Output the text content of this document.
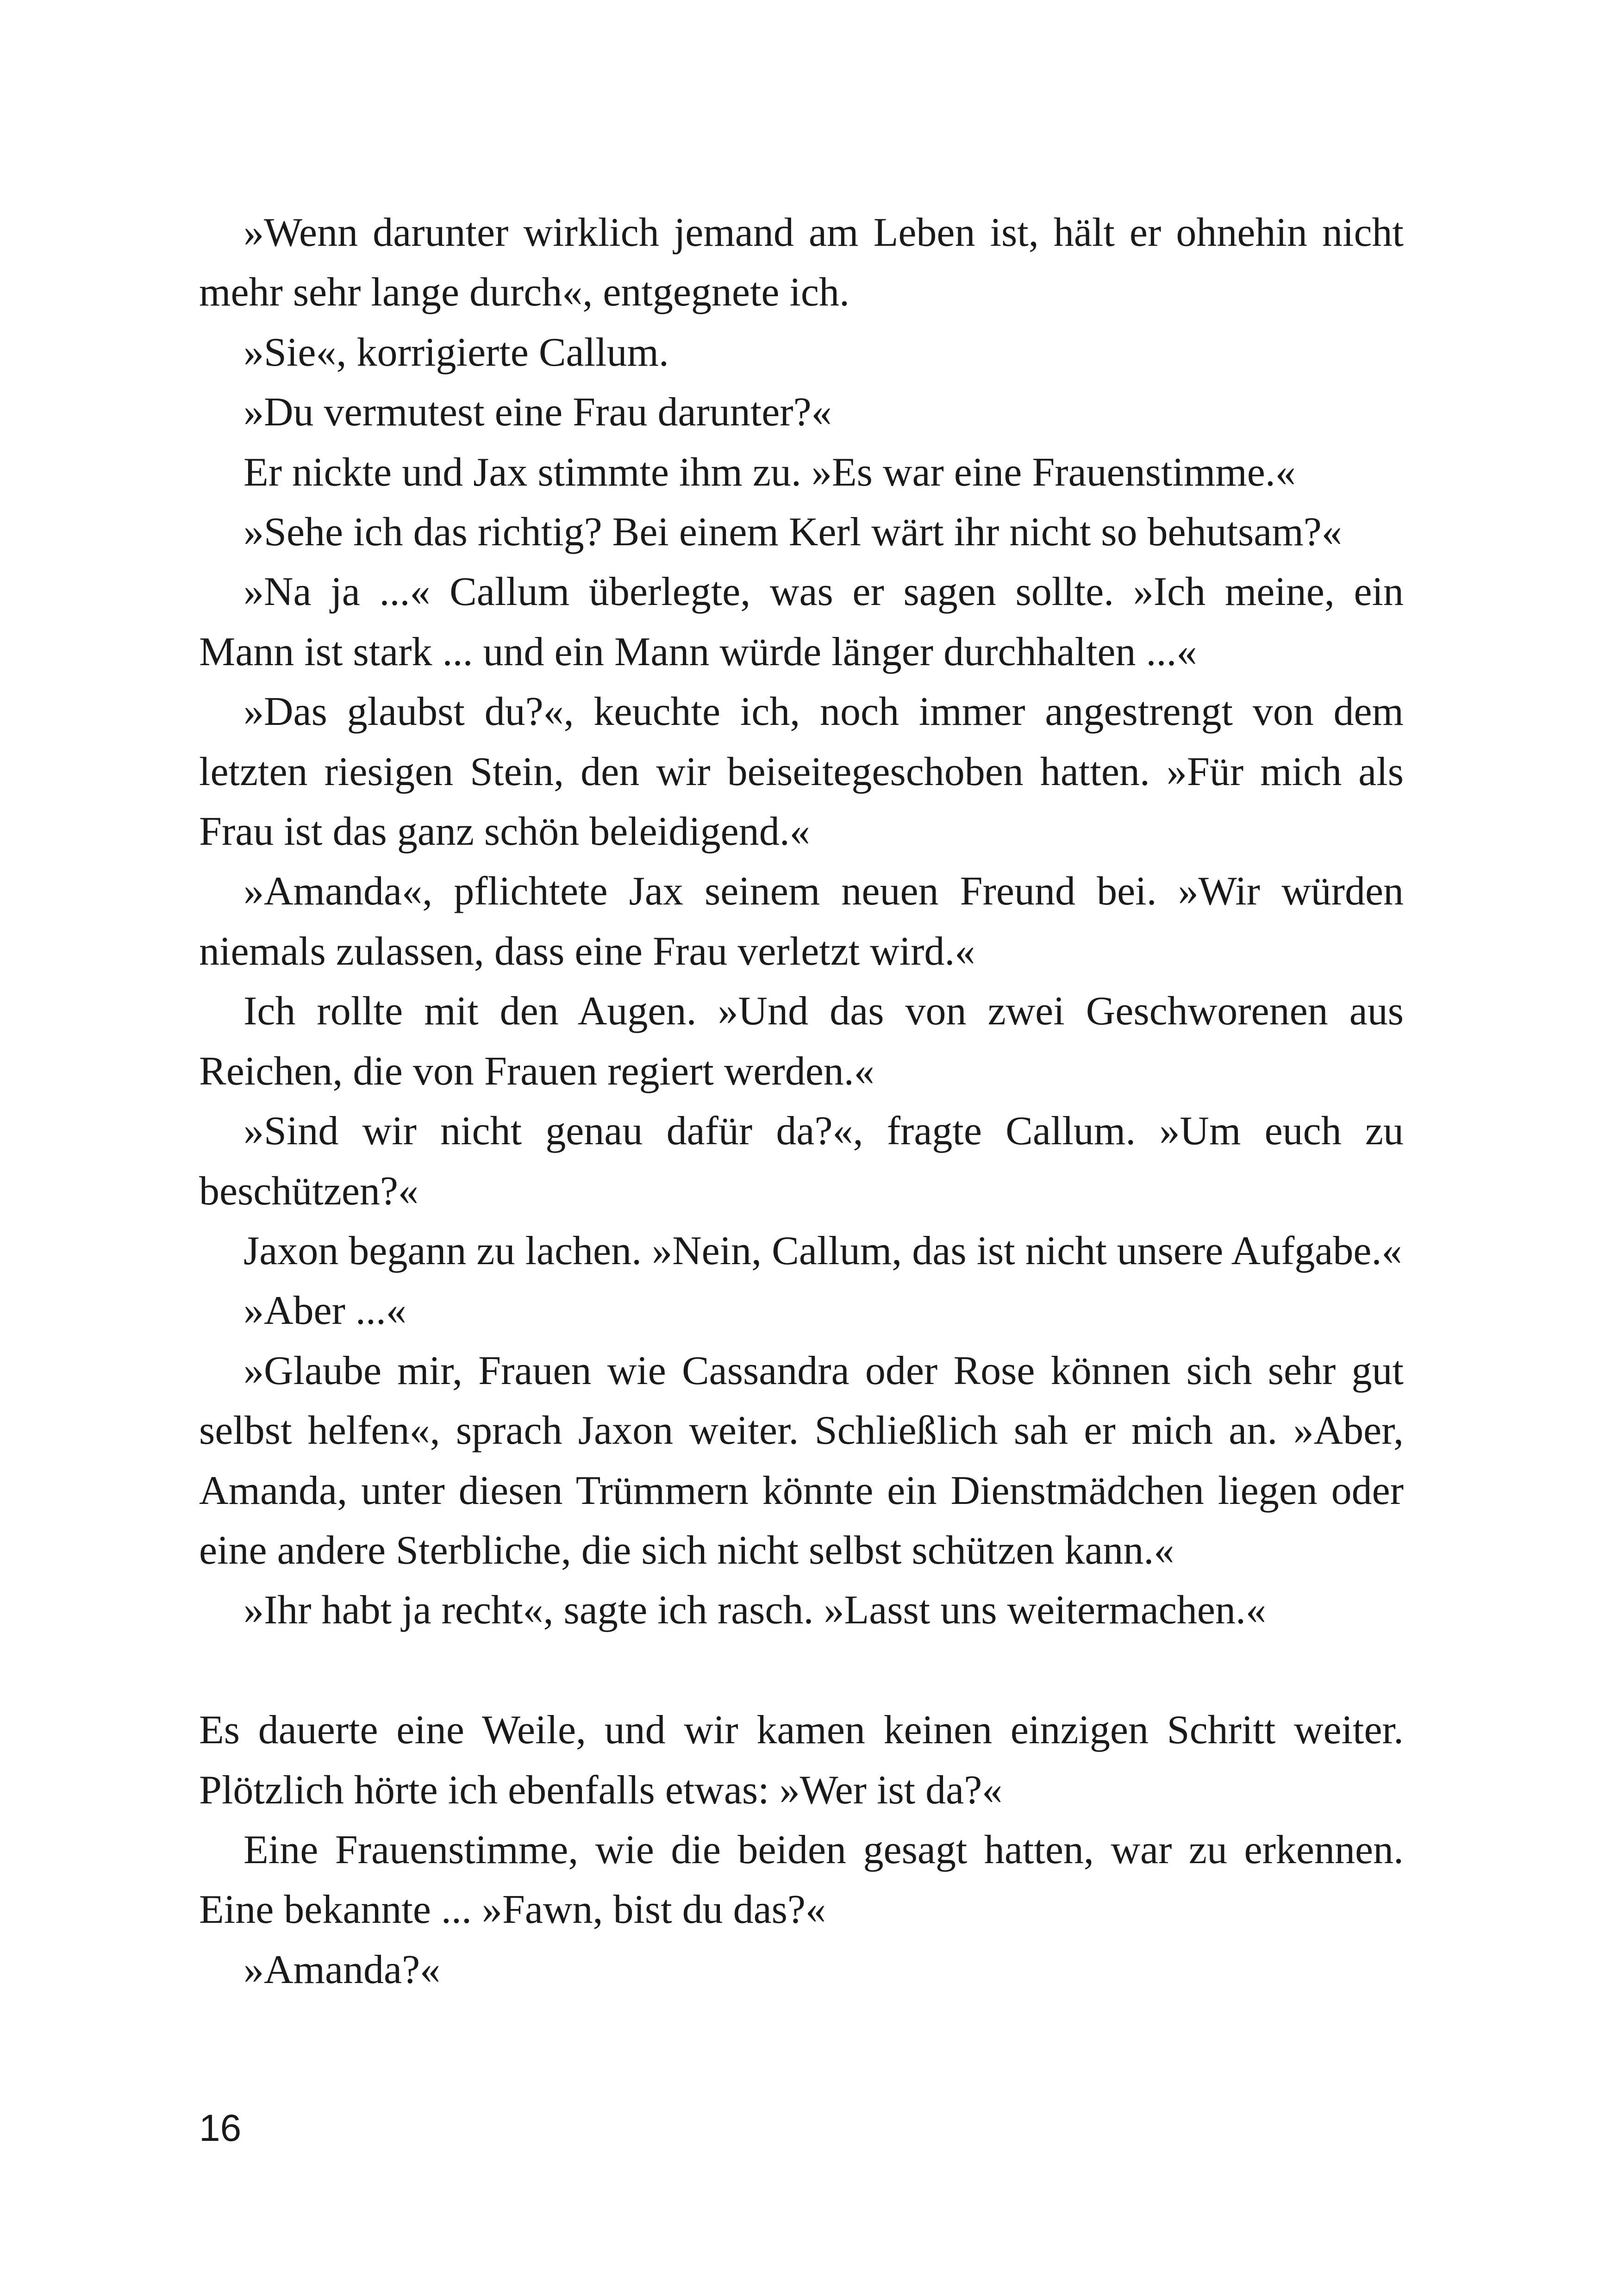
»Wenn darunter wirklich jemand am Leben ist, hält er ohnehin nicht mehr sehr lange durch«, entgegnete ich.

»Sie«, korrigierte Callum.

»Du vermutest eine Frau darunter?«

Er nickte und Jax stimmte ihm zu. »Es war eine Frauenstimme.«

»Sehe ich das richtig? Bei einem Kerl wärt ihr nicht so behutsam?«

»Na ja ...« Callum überlegte, was er sagen sollte. »Ich meine, ein Mann ist stark ... und ein Mann würde länger durchhalten ...«

»Das glaubst du?«, keuchte ich, noch immer angestrengt von dem letzten riesigen Stein, den wir beiseitegeschoben hatten. »Für mich als Frau ist das ganz schön beleidigend.«

»Amanda«, pflichtete Jax seinem neuen Freund bei. »Wir würden niemals zulassen, dass eine Frau verletzt wird.«

Ich rollte mit den Augen. »Und das von zwei Geschworenen aus Reichen, die von Frauen regiert werden.«

»Sind wir nicht genau dafür da?«, fragte Callum. »Um euch zu beschützen?«

Jaxon begann zu lachen. »Nein, Callum, das ist nicht unsere Aufgabe.«

»Aber ...«

»Glaube mir, Frauen wie Cassandra oder Rose können sich sehr gut selbst helfen«, sprach Jaxon weiter. Schließlich sah er mich an. »Aber, Amanda, unter diesen Trümmern könnte ein Dienstmädchen liegen oder eine andere Sterbliche, die sich nicht selbst schützen kann.«

»Ihr habt ja recht«, sagte ich rasch. »Lasst uns weitermachen.«

Es dauerte eine Weile, und wir kamen keinen einzigen Schritt weiter. Plötzlich hörte ich ebenfalls etwas: »Wer ist da?«

Eine Frauenstimme, wie die beiden gesagt hatten, war zu erkennen. Eine bekannte ... »Fawn, bist du das?«

»Amanda?«

16
